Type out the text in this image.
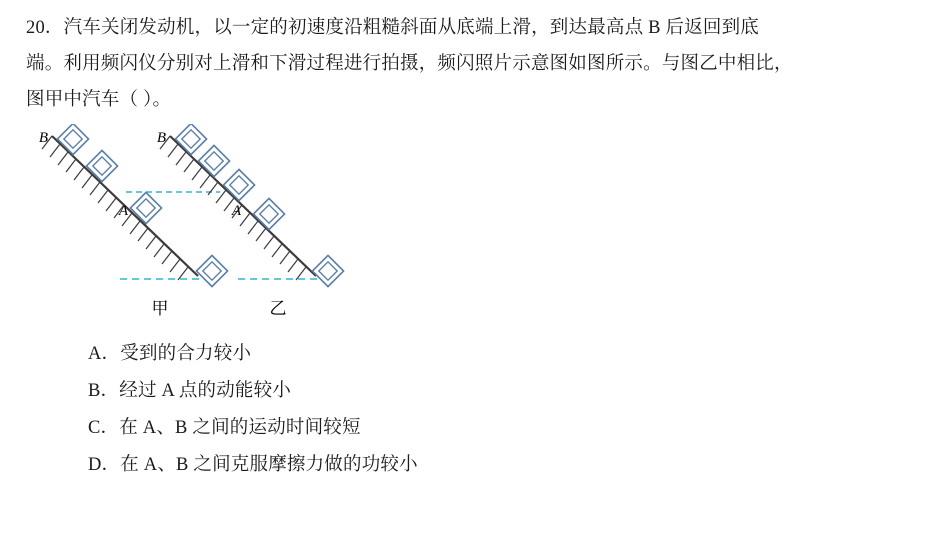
20．汽车关闭发动机，以一定的初速度沿粗糙斜面从底端上滑，到达最高点 B 后返回到底
端。利用频闪仪分别对上滑和下滑过程进行拍摄，频闪照片示意图如图所示。与图乙中相比，
图甲中汽车（ ）。
B
A
甲
B
A
乙
A．受到的合力较小
B．经过 A 点的动能较小
C．在 A、B 之间的运动时间较短
D．在 A、B 之间克服摩擦力做的功较小
